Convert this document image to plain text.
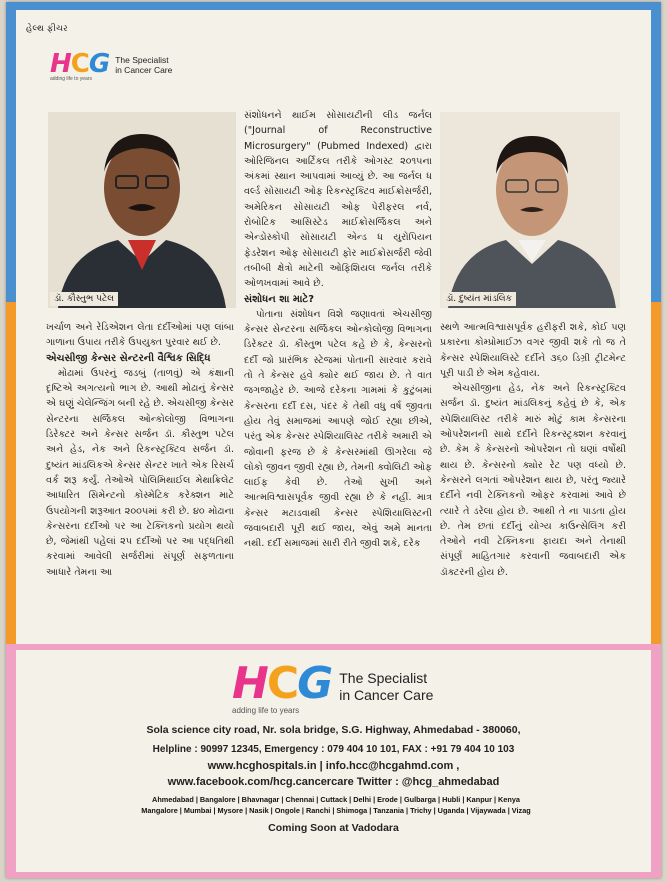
હેલ્થ ફીચર
HCG
adding life to years
The Specialist
in Cancer Care
ડૉ. કૌસ્તુભ પટેલ	ડૉ. દુષ્યંત માંડલિક

સંશોધનને થાઈમ સોસાયટીની લીડ જર્નલ ("Journal of Reconstructive Microsurgery" (Pubmed Indexed) દ્વારા ઓરિજિનલ આર્ટિકલ તરીકે ઓગસ્ટ ૨૦૧૫ના અંકમાં સ્થાન આપવામાં આવ્યું છે. આ જર્નલ ધ વર્લ્ડ સોસાયટી ઓફ રિકન્સ્ટ્રક્ટિવ માઈક્રોસર્જરી, અમેરિકન સોસાયટી ઓફ પેરીફરલ નર્વ, રોબોટિક આસિસ્ટેડ માઈક્રોસર્જિકલ અને એન્ડોસ્કોપી સોસાયટી એન્ડ ધ યુરોપિયન ફેડરેશન ઓફ સોસાયટી ફોર માઈક્રોસર્જરી જેવી તબીબી ક્ષેત્રો માટેની ઓફિશિયલ જર્નલ તરીકે ઓળખવામાં આવે છે.

સંશોધન શા માટે?

પોતાના સંશોધન વિશે જણાવતાં એચસીજી કેન્સર સેન્ટરના સર્જિકલ ઓન્કોલોજી વિભાગના ડિરેક્ટર ડૉ. કૌસ્તુભ પટેલ કહે છે કે, કેન્સરનો દર્દી જો પ્રારંભિક સ્ટેજમાં પોતાની સારવાર કરાવે તો તે કેન્સર હવે ક્યોર થઈ જાય છે. તે વાત જગજાહેર છે. આજે દરેકના ગામમાં કે કુટુંબમાં કેન્સરના દર્દી દસ, પંદર કે તેથી વધુ વર્ષ જીવતા હોય તેવું સમાજમાં આપણે જોઈ રહ્યા છીએ, પરંતુ એક કેન્સર સ્પેશિયાલિસ્ટ તરીકે અમારી એ જોવાની ફરજ છે કે કેન્સરમાંથી ઊગરેલા જે લોકો જીવન જીવી રહ્યા છે, તેમની ક્વોલિટી ઓફ લાઈફ કેવી છે. તેઓ સુખી અને આત્મવિશ્વાસપૂર્વક જીવી રહ્યા છે કે નહીં. માત્ર કેન્સર મટાડવાથી કેન્સર સ્પેશિયાલિસ્ટની જવાબદારી પૂરી થઈ જાય, એવું અમે માનતા નથી. દર્દી સમાજમાં સારી રીતે જીવી શકે, દરેક

ખર્ચાળ અને રેડિએશન લેતા દર્દીઓમાં પણ લાંબા ગાળાના ઉપાય તરીકે ઉપયુક્ત પુરવાર થઈ છે.

એચસીજી કેન્સર સેન્ટરની વૈશ્વિક સિદ્ધિ

મોઢામાં ઉપરનું જડબું (તાળવું) એ કંક્ષાની દૃષ્ટિએ અગત્યનો ભાગ છે. આથી મોઢાનું કેન્સર એ ઘણું ચેલેન્જિંગ બની રહે છે. એચસીજી કેન્સર સેન્ટરના સર્જિકલ ઓન્કોલોજી વિભાગના ડિરેક્ટર અને કેન્સર સર્જન ડૉ. કૌસ્તુભ પટેલ અને હેડ, નેક અને રિકન્સ્ટ્રક્ટિવ સર્જન ડૉ. દુષ્યંત માંડલિકએ કેન્સર સેન્ટર ખાતે એક રિસર્ચ વર્ક શરૂ કર્યું. તેઓએ પોલિમિથાઈલ મેથાક્રિલેટ આધારિત સિમેન્ટનો કોસ્મેટિક કરેક્શન માટે ઉપયોગની શરૂઆત ૨૦૦૫માં કરી છે. ૪૦ મોઢાના કેન્સરના દર્દીઓ પર આ ટેક્નિકનો પ્રયોગ થયો છે, જેમાંથી પહેલાં ૨૫ દર્દીઓ પર આ પદ્ધતિથી કરવામાં આવેલી સર્જરીમાં સંપૂર્ણ સફળતાના આધારે તેમના આ

સ્થળે આત્મવિશ્વાસપૂર્વક હરીફરી શકે, કોઈ પણ પ્રકારના કોમ્પ્રોમાઈઝ વગર જીવી શકે તો જ તે કેન્સર સ્પેશિયાલિસ્ટે દર્દીને ૩૬૦ ડિગ્રી ટ્રીટમેન્ટ પૂરી પાડી છે એમ કહેવાય.

એચસીજીના હેડ, નેક અને રિકન્સ્ટ્રક્ટિવ સર્જન ડૉ. દુષ્યંત માંડલિકનું કહેવું છે કે, એક સ્પેશિયાલિસ્ટ તરીકે મારું મોટું કામ કેન્સરના ઓપરેશનની સાથે દર્દીને રિકન્સ્ટ્રક્શન કરવાનું છે. કેમ કે કેન્સરનો ઓપરેશન તો ઘણાં વર્ષોથી થાય છે. કેન્સરનો ક્યોર રેટ પણ વધ્યો છે. કેન્સરને લગતાં ઓપરેશન થાય છે, પરંતુ જ્યારે દર્દીને નવી ટેક્નિકનો ઓફર કરવામાં આવે છે ત્યારે તે ડરેલા હોય છે. આથી તે ના પાડતા હોય છે. તેમ છતાં દર્દીનું યોગ્ય કાઉન્સેલિંગ કરી તેઓને નવી ટેક્નિકના ફાયદા અને તેનાથી સંપૂર્ણ માહિતગાર કરવાની જવાબદારી એક ડૉક્ટરની હોય છે.

HCG
adding life to years
The Specialist
in Cancer Care
Sola science city road, Nr. sola bridge, S.G. Highway, Ahmedabad - 380060,
Helpline : 90997 12345, Emergency : 079 404 10 101, FAX : +91 79 404 10 103
www.hcghospitals.in | info.hcc@hcgahmd.com ,
www.facebook.com/hcg.cancercare Twitter : @hcg_ahmedabad
Ahmedabad | Bangalore | Bhavnagar | Chennai | Cuttack | Delhi | Erode | Gulbarga | Hubli | Kanpur | Kenya
Mangalore | Mumbai | Mysore | Nasik | Ongole | Ranchi | Shimoga | Tanzania | Trichy | Uganda | Vijaywada | Vizag
Coming Soon at Vadodara
